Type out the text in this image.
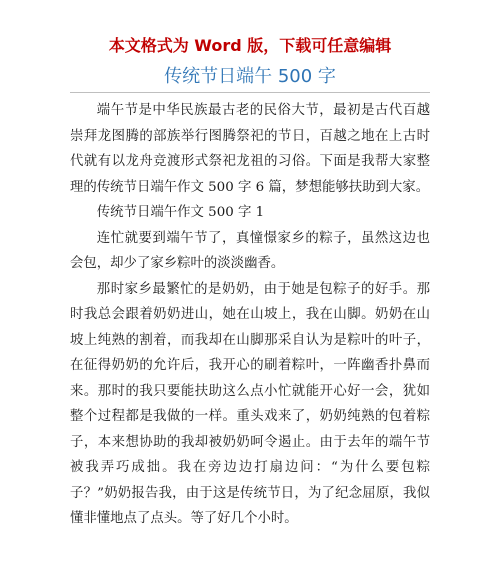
本文格式为 Word 版，下载可任意编辑
传统节日端午 500 字

端午节是中华民族最古老的民俗大节，最初是古代百越崇拜龙图腾的部族举行图腾祭祀的节日，百越之地在上古时代就有以龙舟竞渡形式祭祀龙祖的习俗。下面是我帮大家整理的传统节日端午作文 500 字 6 篇，梦想能够扶助到大家。

传统节日端午作文 500 字 1

连忙就要到端午节了，真憧憬家乡的粽子，虽然这边也会包，却少了家乡粽叶的淡淡幽香。

那时家乡最繁忙的是奶奶，由于她是包粽子的好手。那时我总会跟着奶奶进山，她在山坡上，我在山脚。奶奶在山坡上纯熟的割着，而我却在山脚那采自认为是粽叶的叶子，在征得奶奶的允许后，我开心的刷着粽叶，一阵幽香扑鼻而来。那时的我只要能扶助这么点小忙就能开心好一会，犹如整个过程都是我做的一样。重头戏来了，奶奶纯熟的包着粽子，本来想协助的我却被奶奶呵令遏止。由于去年的端午节被我弄巧成拙。我在旁边边打扇边问：“为什么要包粽子？”奶奶报告我，由于这是传统节日，为了纪念屈原，我似懂非懂地点了点头。等了好几个小时。
